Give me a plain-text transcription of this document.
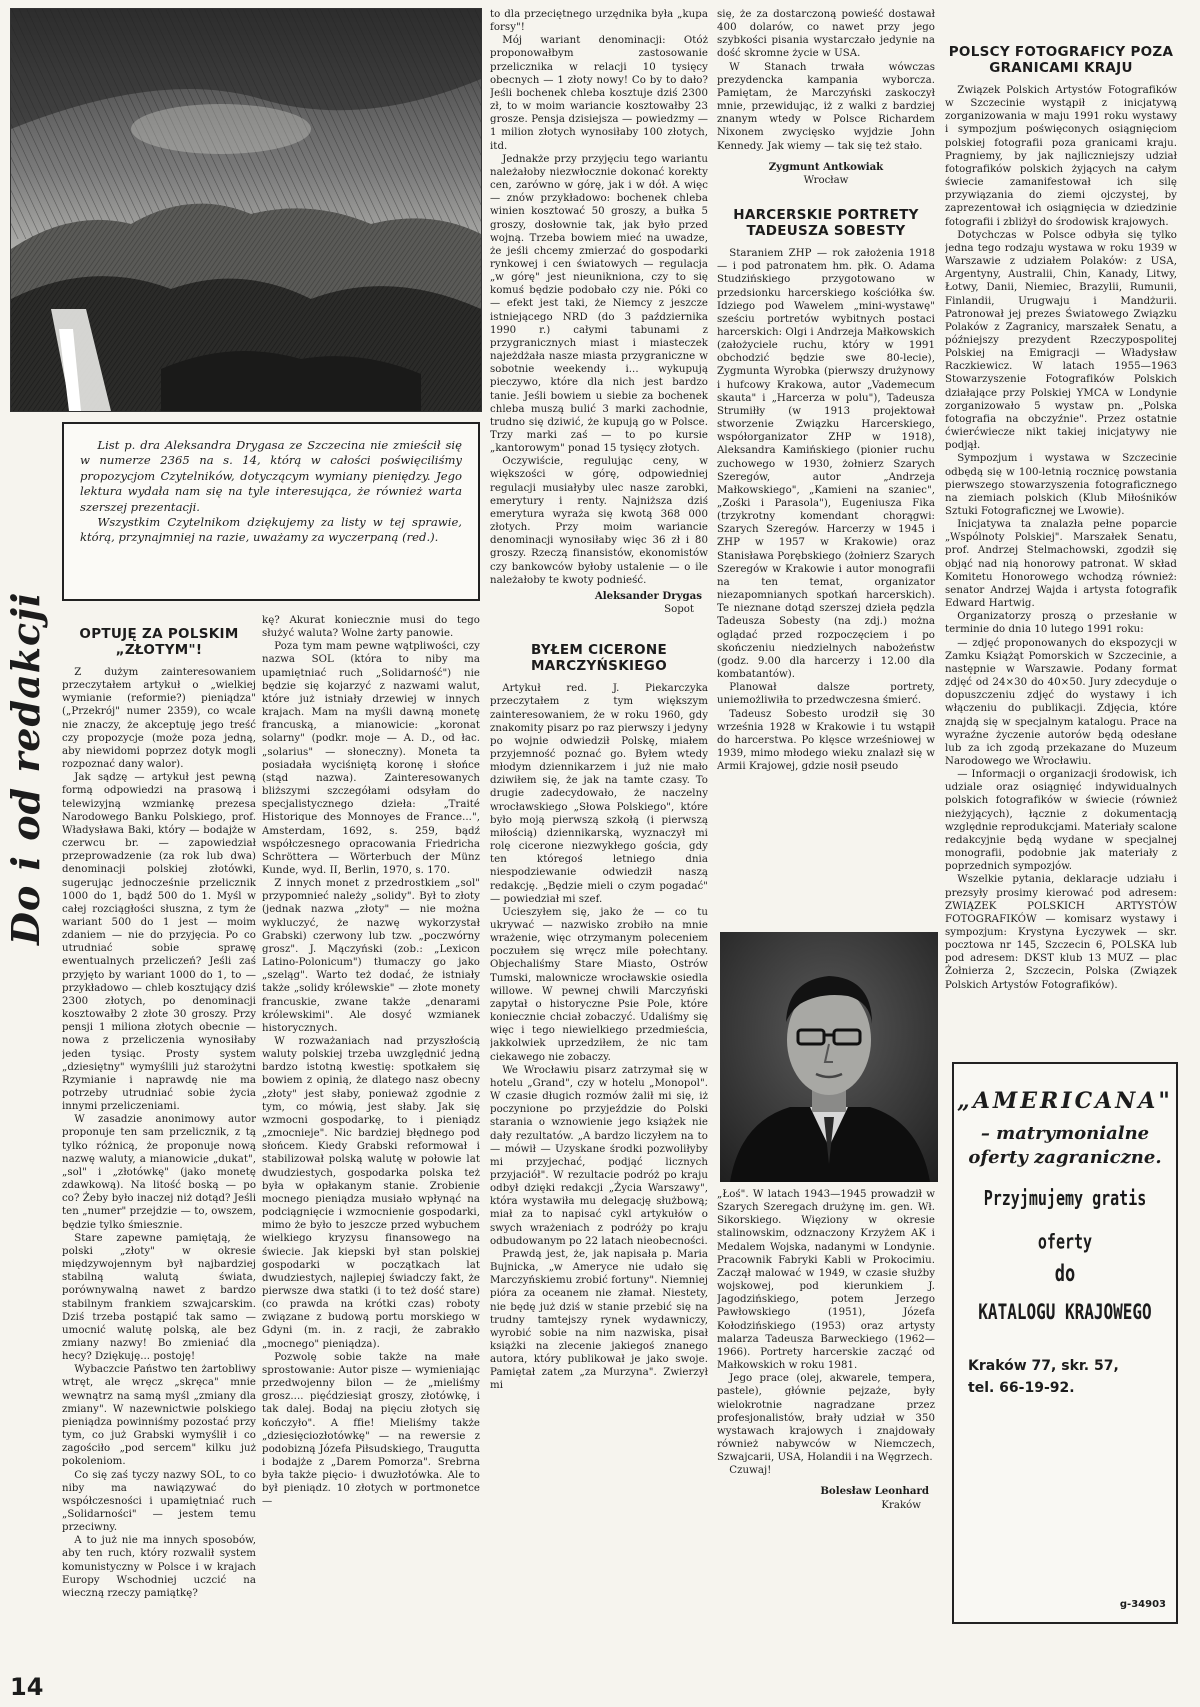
List p. dra Aleksandra Drygasa ze Szczecina nie zmieścił się w numerze 2365 na s. 14, którą w całości poświęciliśmy propozycjom Czytelników, dotyczącym wymiany pieniędzy. Jego lektura wydała nam się na tyle interesująca, że również warta szerszej prezentacji.

Wszystkim Czytelnikom dziękujemy za listy w tej sprawie, którą, przynajmniej na razie, uważamy za wyczerpaną (red.).

Do i od redakcji	OPTUJĘ ZA POLSKIM „ZŁOTYM"!

Z dużym zainteresowaniem przeczytałem artykuł o „wielkiej wymianie (reformie?) pieniądza" („Przekrój" numer 2359), co wcale nie znaczy, że akceptuję jego treść czy propozycje (może poza jedną, aby niewidomi poprzez dotyk mogli rozpoznać dany walor).

Jak sądzę — artykuł jest pewną formą odpowiedzi na prasową i telewizyjną wzmiankę prezesa Narodowego Banku Polskiego, prof. Władysława Baki, który — bodajże w czerwcu br. — zapowiedział przeprowadzenie (za rok lub dwa) denominacji polskiej złotówki, sugerując jednocześnie przelicznik 1000 do 1, bądź 500 do 1. Myśl w całej rozciągłości słuszna, z tym że wariant 500 do 1 jest — moim zdaniem — nie do przyjęcia. Po co utrudniać sobie sprawę ewentualnych przeliczeń? Jeśli zaś przyjęto by wariant 1000 do 1, to — przykładowo — chleb kosztujący dziś 2300 złotych, po denominacji kosztowałby 2 złote 30 groszy. Przy pensji 1 miliona złotych obecnie — nowa z przeliczenia wynosiłaby jeden tysiąc. Prosty system „dziesiętny" wymyślili już starożytni Rzymianie i naprawdę nie ma potrzeby utrudniać sobie życia innymi przeliczeniami.

W zasadzie anonimowy autor proponuje ten sam przelicznik, z tą tylko różnicą, że proponuje nową nazwę waluty, a mianowicie „dukat", „sol" i „złotówkę" (jako monetę zdawkową). Na litość boską — po co? Żeby było inaczej niż dotąd? Jeśli ten „numer" przejdzie — to, owszem, będzie tylko śmiesznie.

Stare zapewne pamiętają, że polski „złoty" w okresie międzywojennym był najbardziej stabilną walutą świata, porównywalną nawet z bardzo stabilnym frankiem szwajcarskim. Dziś trzeba postąpić tak samo — umocnić walutę polską, ale bez zmiany nazwy! Bo zmieniać dla hecy? Dziękuję... postoję!

Wybaczcie Państwo ten żartobliwy wtręt, ale wręcz „skręca" mnie wewnątrz na samą myśl „zmiany dla zmiany". W nazewnictwie polskiego pieniądza powinniśmy pozostać przy tym, co już Grabski wymyślił i co zagościło „pod sercem" kilku już pokoleniom.

Co się zaś tyczy nazwy SOL, to co niby ma nawiązywać do współczesności i upamiętniać ruch „Solidarności" — jestem temu przeciwny.

A to już nie ma innych sposobów, aby ten ruch, który rozwalił system komunistyczny w Polsce i w krajach Europy Wschodniej uczcić na wieczną rzeczy pamiątkę?

kę? Akurat koniecznie musi do tego służyć waluta? Wolne żarty panowie.

Poza tym mam pewne wątpliwości, czy nazwa SOL (która to niby ma upamiętniać ruch „Solidarność") nie będzie się kojarzyć z nazwami walut, które już istniały drzewiej w innych krajach. Mam na myśli dawną monetę francuską, a mianowicie: „koronat solarny" (podkr. moje — A. D., od łac. „solarius" — słoneczny). Moneta ta posiadała wyciśniętą koronę i słońce (stąd nazwa). Zainteresowanych bliższymi szczegółami odsyłam do specjalistycznego dzieła: „Traité Historique des Monnoyes de France...", Amsterdam, 1692, s. 259, bądź współczesnego opracowania Friedricha Schröttera — Wörterbuch der Münz Kunde, wyd. II, Berlin, 1970, s. 170.

Z innych monet z przedrostkiem „sol" przypomnieć należy „solidy". Był to złoty (jednak nazwa „złoty" — nie można wykluczyć, że nazwę wykorzystał Grabski) czerwony lub tzw. „poczwórny grosz". J. Mączyński (zob.: „Lexicon Latino-Polonicum") tłumaczy go jako „szeląg". Warto też dodać, że istniały także „solidy królewskie" — złote monety francuskie, zwane także „denarami królewskimi". Ale dosyć wzmianek historycznych.

W rozważaniach nad przyszłością waluty polskiej trzeba uwzględnić jedną bardzo istotną kwestię: spotkałem się bowiem z opinią, że dlatego nasz obecny „złoty" jest słaby, ponieważ zgodnie z tym, co mówią, jest słaby. Jak się wzmocni gospodarkę, to i pieniądz „zmocnieje". Nic bardziej błędnego pod słońcem. Kiedy Grabski reformował i stabilizował polską walutę w połowie lat dwudziestych, gospodarka polska też była w opłakanym stanie. Zrobienie mocnego pieniądza musiało wpłynąć na podciągnięcie i wzmocnienie gospodarki, mimo że było to jeszcze przed wybuchem wielkiego kryzysu finansowego na świecie. Jak kiepski był stan polskiej gospodarki w początkach lat dwudziestych, najlepiej świadczy fakt, że pierwsze dwa statki (i to też dość stare) (co prawda na krótki czas) roboty związane z budową portu morskiego w Gdyni (m. in. z racji, że zabrakło „mocnego" pieniądza).

Pozwolę sobie także na małe sprostowanie: Autor pisze — wymieniając przedwojenny bilon — że „mieliśmy grosz.... pięćdziesiąt groszy, złotówkę, i tak dalej. Bodaj na pięciu złotych się kończyło". A ffie! Mieliśmy także „dziesięciozłotówkę" — na rewersie z podobizną Józefa Piłsudskiego, Traugutta i bodajże z „Darem Pomorza". Srebrna była także pięcio- i dwuzłotówka. Ale to był pieniądz. 10 złotych w portmonetce —

to dla przeciętnego urzędnika była „kupa forsy"!

Mój wariant denominacji: Otóż proponowałbym zastosowanie przelicznika w relacji 10 tysięcy obecnych — 1 złoty nowy! Co by to dało? Jeśli bochenek chleba kosztuje dziś 2300 zł, to w moim wariancie kosztowałby 23 grosze. Pensja dzisiejsza — powiedzmy — 1 milion złotych wynosiłaby 100 złotych, itd.

Jednakże przy przyjęciu tego wariantu należałoby niezwłocznie dokonać korekty cen, zarówno w górę, jak i w dół. A więc — znów przykładowo: bochenek chleba winien kosztować 50 groszy, a bułka 5 groszy, dosłownie tak, jak było przed wojną. Trzeba bowiem mieć na uwadze, że jeśli chcemy zmierzać do gospodarki rynkowej i cen światowych — regulacja „w górę" jest nieunikniona, czy to się komuś będzie podobało czy nie. Póki co — efekt jest taki, że Niemcy z jeszcze istniejącego NRD (do 3 października 1990 r.) całymi tabunami z przygranicznych miast i miasteczek najeżdżała nasze miasta przygraniczne w sobotnie weekendy i... wykupują pieczywo, które dla nich jest bardzo tanie. Jeśli bowiem u siebie za bochenek chleba muszą bulić 3 marki zachodnie, trudno się dziwić, że kupują go w Polsce. Trzy marki zaś — to po kursie „kantorowym" ponad 15 tysięcy złotych.

Oczywiście, regulując ceny, w większości w górę, odpowiedniej regulacji musiałyby ulec nasze zarobki, emerytury i renty. Najniższa dziś emerytura wyraża się kwotą 368 000 złotych. Przy moim wariancie denominacji wynosiłaby więc 36 zł i 80 groszy. Rzeczą finansistów, ekonomistów czy bankowców byłoby ustalenie — o ile należałoby te kwoty podnieść.

Aleksander Drygas
Sopot
BYŁEM CICERONE MARCZYŃSKIEGO

Artykuł red. J. Piekarczyka przeczytałem z tym większym zainteresowaniem, że w roku 1960, gdy znakomity pisarz po raz pierwszy i jedyny po wojnie odwiedził Polskę, miałem przyjemność poznać go. Byłem wtedy młodym dziennikarzem i już nie mało dziwiłem się, że jak na tamte czasy. To drugie zadecydowało, że naczelny wrocławskiego „Słowa Polskiego", które było moją pierwszą szkołą (i pierwszą miłością) dziennikarską, wyznaczył mi rolę cicerone niezwykłego gościa, gdy ten któregoś letniego dnia niespodziewanie odwiedził naszą redakcję. „Będzie mieli o czym pogadać" — powiedział mi szef.

Ucieszyłem się, jako że — co tu ukrywać — nazwisko zrobiło na mnie wrażenie, więc otrzymanym poleceniem poczułem się wręcz mile połechtany. Objechaliśmy Stare Miasto, Ostrów Tumski, malownicze wrocławskie osiedla willowe. W pewnej chwili Marczyński zapytał o historyczne Psie Pole, które koniecznie chciał zobaczyć. Udaliśmy się więc i tego niewielkiego przedmieścia, jakkolwiek uprzedziłem, że nic tam ciekawego nie zobaczy.

We Wrocławiu pisarz zatrzymał się w hotelu „Grand", czy w hotelu „Monopol". W czasie długich rozmów żalił mi się, iż poczynione po przyjeździe do Polski starania o wznowienie jego książek nie dały rezultatów. „A bardzo liczyłem na to — mówił — Uzyskane środki pozwoliłyby mi przyjechać, podjąć licznych przyjaciół". W rezultacie podróż po kraju odbył dzięki redakcji „Życia Warszawy", która wystawiła mu delegację służbową; miał za to napisać cykl artykułów o swych wrażeniach z podróży po kraju odbudowanym po 22 latach nieobecności.

Prawdą jest, że, jak napisała p. Maria Bujnicka, „w Ameryce nie udało się Marczyńskiemu zrobić fortuny". Niemniej pióra za oceanem nie złamał. Niestety, nie będę już dziś w stanie przebić się na trudny tamtejszy rynek wydawniczy, wyrobić sobie na nim nazwiska, pisał książki na zlecenie jakiegoś znanego autora, który publikował je jako swoje. Pamiętał zatem „za Murzyna". Zwierzył mi

się, że za dostarczoną powieść dostawał 400 dolarów, co nawet przy jego szybkości pisania wystarczało jedynie na dość skromne życie w USA.

W Stanach trwała wówczas prezydencka kampania wyborcza. Pamiętam, że Marczyński zaskoczył mnie, przewidując, iż z walki z bardziej znanym wtedy w Polsce Richardem Nixonem zwycięsko wyjdzie John Kennedy. Jak wiemy — tak się też stało.

Zygmunt Antkowiak
Wrocław
HARCERSKIE PORTRETY TADEUSZA SOBESTY

Staraniem ZHP — rok założenia 1918 — i pod patronatem hm. płk. O. Adama Studzińskiego przygotowano w przedsionku harcerskiego kościółka św. Idziego pod Wawelem „mini-wystawę" sześciu portretów wybitnych postaci harcerskich: Olgi i Andrzeja Małkowskich (założyciele ruchu, który w 1991 obchodzić będzie swe 80-lecie), Zygmunta Wyrobka (pierwszy drużynowy i hufcowy Krakowa, autor „Vademecum skauta" i „Harcerza w polu"), Tadeusza Strumiłły (w 1913 projektował stworzenie Związku Harcerskiego, współorganizator ZHP w 1918), Aleksandra Kamińskiego (pionier ruchu zuchowego w 1930, żołnierz Szarych Szeregów, autor „Andrzeja Małkowskiego", „Kamieni na szaniec", „Zośki i Parasola"), Eugeniusza Fika (trzykrotny komendant chorągwi: Szarych Szeregów. Harcerzy w 1945 i ZHP w 1957 w Krakowie) oraz Stanisława Porębskiego (żołnierz Szarych Szeregów w Krakowie i autor monografii na ten temat, organizator niezapomnianych spotkań harcerskich). Te nieznane dotąd szerszej dzieła pędzla Tadeusza Sobesty (na zdj.) można oglądać przed rozpoczęciem i po skończeniu niedzielnych nabożeństw (godz. 9.00 dla harcerzy i 12.00 dla kombatantów).

Planował dalsze portrety, uniemożliwiła to przedwczesna śmierć.

Tadeusz Sobesto urodził się 30 września 1928 w Krakowie i tu wstąpił do harcerstwa. Po klęsce wrześniowej w 1939, mimo młodego wieku znalazł się w Armii Krajowej, gdzie nosił pseudo

„Łoś". W latach 1943—1945 prowadził w Szarych Szeregach drużynę im. gen. Wł. Sikorskiego. Więziony w okresie stalinowskim, odznaczony Krzyżem AK i Medalem Wojska, nadanymi w Londynie. Pracownik Fabryki Kabli w Prokocimiu. Zaczął malować w 1949, w czasie służby wojskowej, pod kierunkiem J. Jagodzińskiego, potem Jerzego Pawłowskiego (1951), Józefa Kołodzińskiego (1953) oraz artysty malarza Tadeusza Barweckiego (1962—1966). Portrety harcerskie zacząć od Małkowskich w roku 1981.

Jego prace (olej, akwarele, tempera, pastele), głównie pejzaże, były wielokrotnie nagradzane przez profesjonalistów, brały udział w 350 wystawach krajowych i znajdowały również nabywców w Niemczech, Szwajcarii, USA, Holandii i na Węgrzech.

Czuwaj!

Bolesław Leonhard
Kraków
POLSCY FOTOGRAFICY POZA GRANICAMI KRAJU

Związek Polskich Artystów Fotografików w Szczecinie wystąpił z inicjatywą zorganizowania w maju 1991 roku wystawy i sympozjum poświęconych osiągnięciom polskiej fotografii poza granicami kraju. Pragniemy, by jak najliczniejszy udział fotografików polskich żyjących na całym świecie zamanifestował ich silę przywiązania do ziemi ojczystej, by zaprezentował ich osiągnięcia w dziedzinie fotografii i zbliżył do środowisk krajowych.

Dotychczas w Polsce odbyła się tylko jedna tego rodzaju wystawa w roku 1939 w Warszawie z udziałem Polaków: z USA, Argentyny, Australii, Chin, Kanady, Litwy, Łotwy, Danii, Niemiec, Brazylii, Rumunii, Finlandii, Urugwaju i Mandżurii. Patronował jej prezes Światowego Związku Polaków z Zagranicy, marszałek Senatu, a późniejszy prezydent Rzeczypospolitej Polskiej na Emigracji — Władysław Raczkiewicz. W latach 1955—1963 Stowarzyszenie Fotografików Polskich działające przy Polskiej YMCA w Londynie zorganizowało 5 wystaw pn. „Polska fotografia na obczyźnie". Przez ostatnie ćwierćwiecze nikt takiej inicjatywy nie podjął.

Sympozjum i wystawa w Szczecinie odbędą się w 100-letnią rocznicę powstania pierwszego stowarzyszenia fotograficznego na ziemiach polskich (Klub Miłośników Sztuki Fotograficznej we Lwowie).

Inicjatywa ta znalazła pełne poparcie „Wspólnoty Polskiej". Marszałek Senatu, prof. Andrzej Stelmachowski, zgodził się objąć nad nią honorowy patronat. W skład Komitetu Honorowego wchodzą również: senator Andrzej Wajda i artysta fotografik Edward Hartwig.

Organizatorzy proszą o przesłanie w terminie do dnia 10 lutego 1991 roku:

— zdjęć proponowanych do ekspozycji w Zamku Książąt Pomorskich w Szczecinie, a następnie w Warszawie. Podany format zdjęć od 24×30 do 40×50. Jury zdecyduje o dopuszczeniu zdjęć do wystawy i ich włączeniu do publikacji. Zdjęcia, które znajdą się w specjalnym katalogu. Prace na wyraźne życzenie autorów będą odesłane lub za ich zgodą przekazane do Muzeum Narodowego we Wrocławiu.

— Informacji o organizacji środowisk, ich udziale oraz osiągnięć indywidualnych polskich fotografików w świecie (również nieżyjących), łącznie z dokumentacją względnie reprodukcjami. Materiały scalone redakcyjnie będą wydane w specjalnej monografii, podobnie jak materiały z poprzednich sympozjów.

Wszelkie pytania, deklaracje udziału i prezsyły prosimy kierować pod adresem: ZWIĄZEK POLSKICH ARTYSTÓW FOTOGRAFIKÓW — komisarz wystawy i sympozjum: Krystyna Łyczywek — skr. pocztowa nr 145, Szczecin 6, POLSKA lub pod adresem: DKST klub 13 MUZ — plac Żołnierza 2, Szczecin, Polska (Związek Polskich Artystów Fotografików).

„AMERICANA"
– matrymonialne
oferty zagraniczne.
Przyjmujemy gratis oferty
do
KATALOGU KRAJOWEGO
Kraków 77, skr. 57,
tel. 66-19-92.
g-34903

14
